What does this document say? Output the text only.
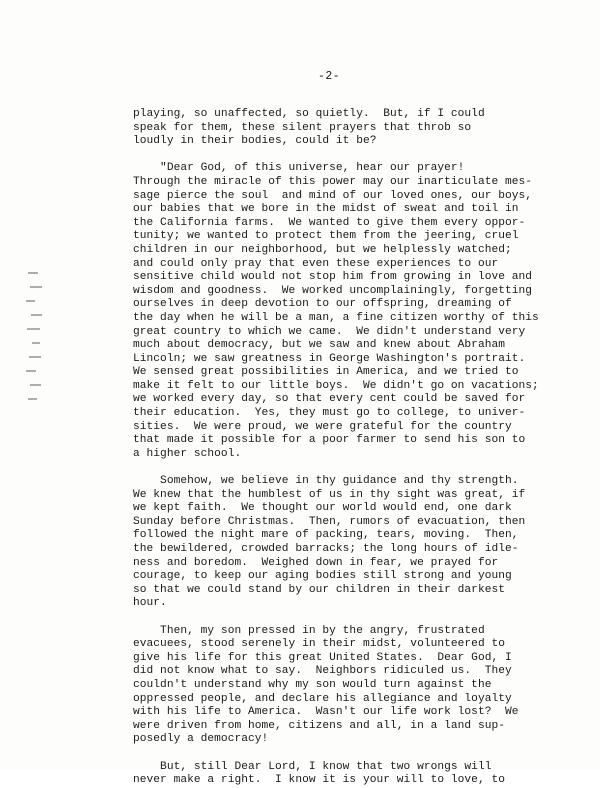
-2-
playing, so unaffected, so quietly.  But, if I could
speak for them, these silent prayers that throb so
loudly in their bodies, could it be?
"Dear God, of this universe, hear our prayer!
Through the miracle of this power may our inarticulate mes-
sage pierce the soul  and mind of our loved ones, our boys,
our babies that we bore in the midst of sweat and toil in
the California farms.  We wanted to give them every oppor-
tunity; we wanted to protect them from the jeering, cruel
children in our neighborhood, but we helplessly watched;
and could only pray that even these experiences to our
sensitive child would not stop him from growing in love and
wisdom and goodness.  We worked uncomplainingly, forgetting
ourselves in deep devotion to our offspring, dreaming of
the day when he will be a man, a fine citizen worthy of this
great country to which we came.  We didn't understand very
much about democracy, but we saw and knew about Abraham
Lincoln; we saw greatness in George Washington's portrait.
We sensed great possibilities in America, and we tried to
make it felt to our little boys.  We didn't go on vacations;
we worked every day, so that every cent could be saved for
their education.  Yes, they must go to college, to univer-
sities.  We were proud, we were grateful for the country
that made it possible for a poor farmer to send his son to
a higher school.
Somehow, we believe in thy guidance and thy strength.
We knew that the humblest of us in thy sight was great, if
we kept faith.  We thought our world would end, one dark
Sunday before Christmas.  Then, rumors of evacuation, then
followed the night mare of packing, tears, moving.  Then,
the bewildered, crowded barracks; the long hours of idle-
ness and boredom.  Weighed down in fear, we prayed for
courage, to keep our aging bodies still strong and young
so that we could stand by our children in their darkest
hour.
Then, my son pressed in by the angry, frustrated
evacuees, stood serenely in their midst, volunteered to
give his life for this great United States.  Dear God, I
did not know what to say.  Neighbors ridiculed us.  They
couldn't understand why my son would turn against the
oppressed people, and declare his allegiance and loyalty
with his life to America.  Wasn't our life work lost?  We
were driven from home, citizens and all, in a land sup-
posedly a democracy!
But, still Dear Lord, I know that two wrongs will
never make a right.  I know it is your will to love, to
